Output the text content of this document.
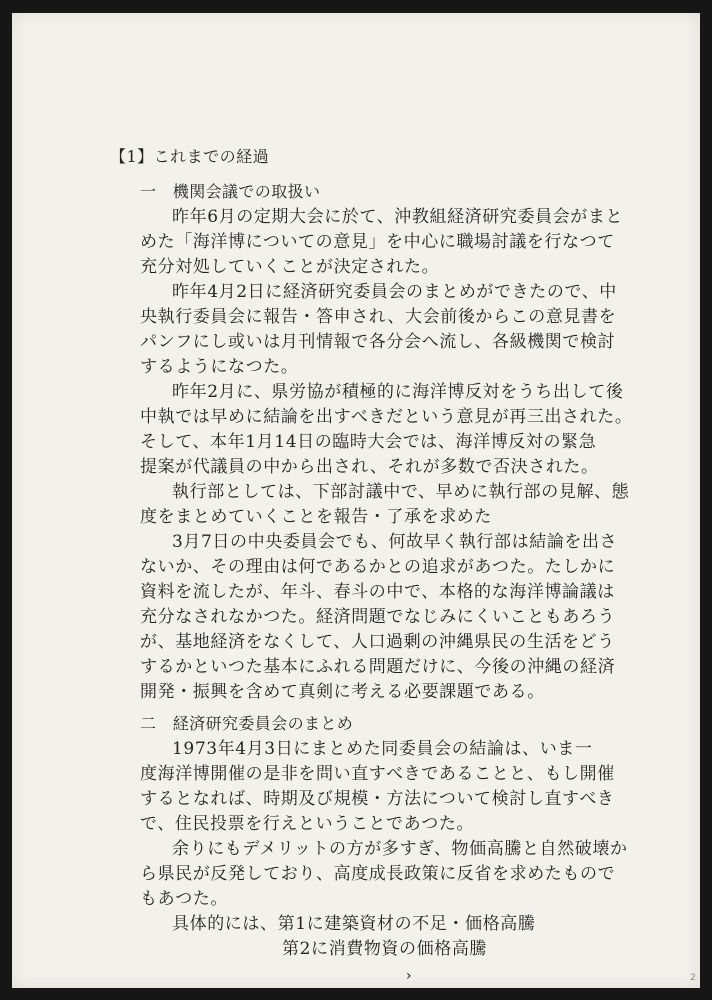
【1】これまでの経過

一　機関会議での取扱い

昨年6月の定期大会に於て、沖教組経済研究委員会がまと

めた「海洋博についての意見」を中心に職場討議を行なつて

充分対処していくことが決定された。

昨年4月2日に経済研究委員会のまとめができたので、中

央執行委員会に報告・答申され、大会前後からこの意見書を

パンフにし或いは月刊情報で各分会へ流し、各級機関で検討

するようになつた。

昨年2月に、県労協が積極的に海洋博反対をうち出して後

中執では早めに結論を出すべきだという意見が再三出された。

そして、本年1月14日の臨時大会では、海洋博反対の緊急

提案が代議員の中から出され、それが多数で否決された。

執行部としては、下部討議中で、早めに執行部の見解、態

度をまとめていくことを報告・了承を求めた

3月7日の中央委員会でも、何故早く執行部は結論を出さ

ないか、その理由は何であるかとの追求があつた。たしかに

資料を流したが、年斗、春斗の中で、本格的な海洋博論議は

充分なされなかつた。経済問題でなじみにくいこともあろう

が、基地経済をなくして、人口過剰の沖縄県民の生活をどう

するかといつた基本にふれる問題だけに、今後の沖縄の経済

開発・振興を含めて真剣に考える必要課題である。

二　経済研究委員会のまとめ

1973年4月3日にまとめた同委員会の結論は、いま一

度海洋博開催の是非を問い直すべきであることと、もし開催

するとなれば、時期及び規模・方法について検討し直すべき

で、住民投票を行えということであつた。

余りにもデメリットの方が多すぎ、物価高騰と自然破壊か

ら県民が反発しており、高度成長政策に反省を求めたもので

もあつた。

具体的には、第1に建築資材の不足・価格高騰

第2に消費物資の価格高騰

›	2
